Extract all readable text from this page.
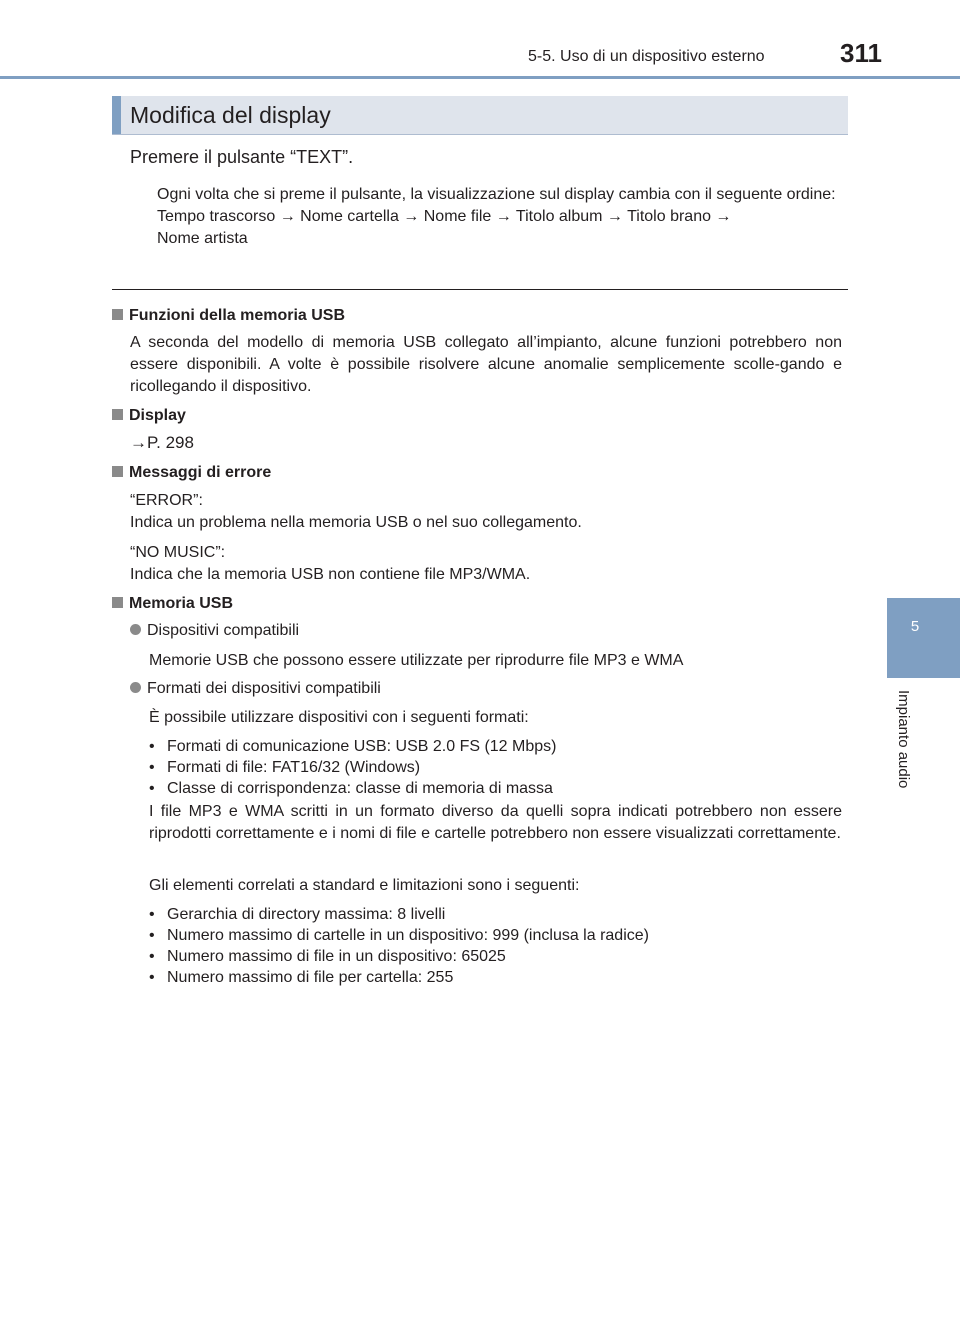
5-5. Uso di un dispositivo esterno	311
5
Impianto audio
Modifica del display
Premere il pulsante “TEXT”.
Ogni volta che si preme il pulsante, la visualizzazione sul display cambia con il seguente ordine:
Tempo trascorso → Nome cartella → Nome file → Titolo album → Titolo brano →
Nome artista
Funzioni della memoria USB
A seconda del modello di memoria USB collegato all’impianto, alcune funzioni potrebbero non essere disponibili. A volte è possibile risolvere alcune anomalie semplicemente scolle-gando e ricollegando il dispositivo.
Display
→P. 298
Messaggi di errore
“ERROR”:
Indica un problema nella memoria USB o nel suo collegamento.
“NO MUSIC”:
Indica che la memoria USB non contiene file MP3/WMA.
Memoria USB
Dispositivi compatibili
Memorie USB che possono essere utilizzate per riprodurre file MP3 e WMA
Formati dei dispositivi compatibili
È possibile utilizzare dispositivi con i seguenti formati:
• Formati di comunicazione USB: USB 2.0 FS (12 Mbps)
• Formati di file: FAT16/32 (Windows)
• Classe di corrispondenza: classe di memoria di massa
I file MP3 e WMA scritti in un formato diverso da quelli sopra indicati potrebbero non essere riprodotti correttamente e i nomi di file e cartelle potrebbero non essere visualizzati correttamente.
Gli elementi correlati a standard e limitazioni sono i seguenti:
• Gerarchia di directory massima: 8 livelli
• Numero massimo di cartelle in un dispositivo: 999 (inclusa la radice)
• Numero massimo di file in un dispositivo: 65025
• Numero massimo di file per cartella: 255
